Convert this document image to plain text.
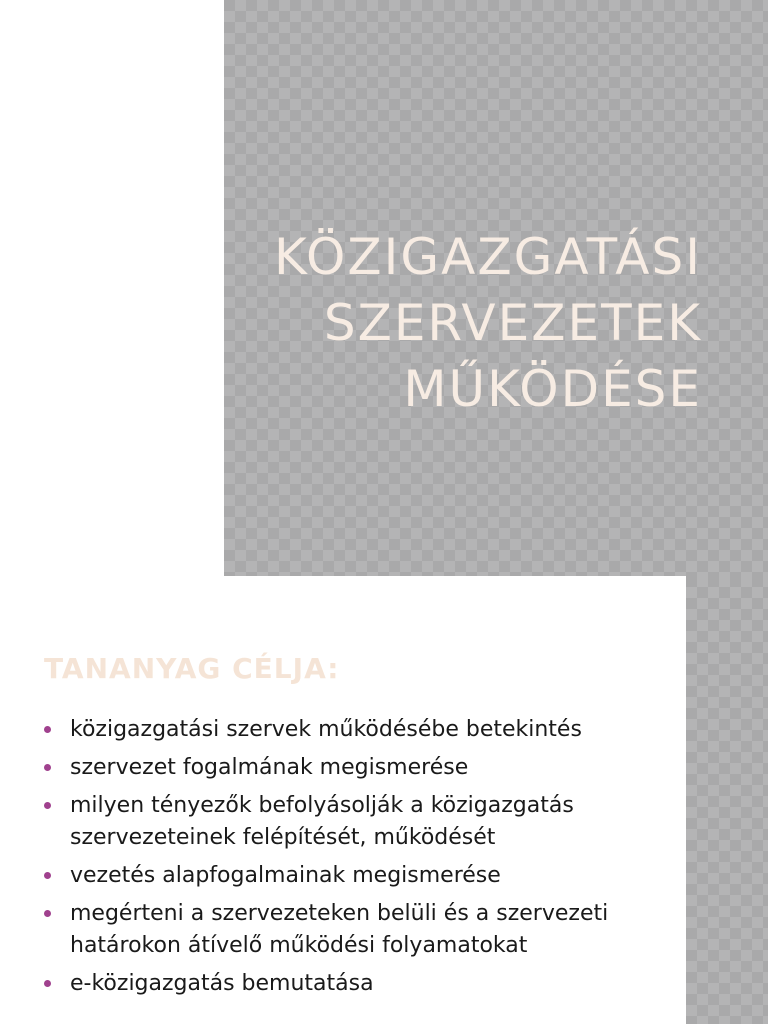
KÖZIGAZGATÁSI
SZERVEZETEK
MŰKÖDÉSE
TANANYAG CÉLJA:
közigazgatási szervek működésébe betekintés
szervezet fogalmának megismerése
milyen tényezők befolyásolják a közigazgatás szervezeteinek felépítését, működését
vezetés alapfogalmainak megismerése
megérteni a szervezeteken belüli és a szervezeti határokon átívelő működési folyamatokat
e-közigazgatás bemutatása
